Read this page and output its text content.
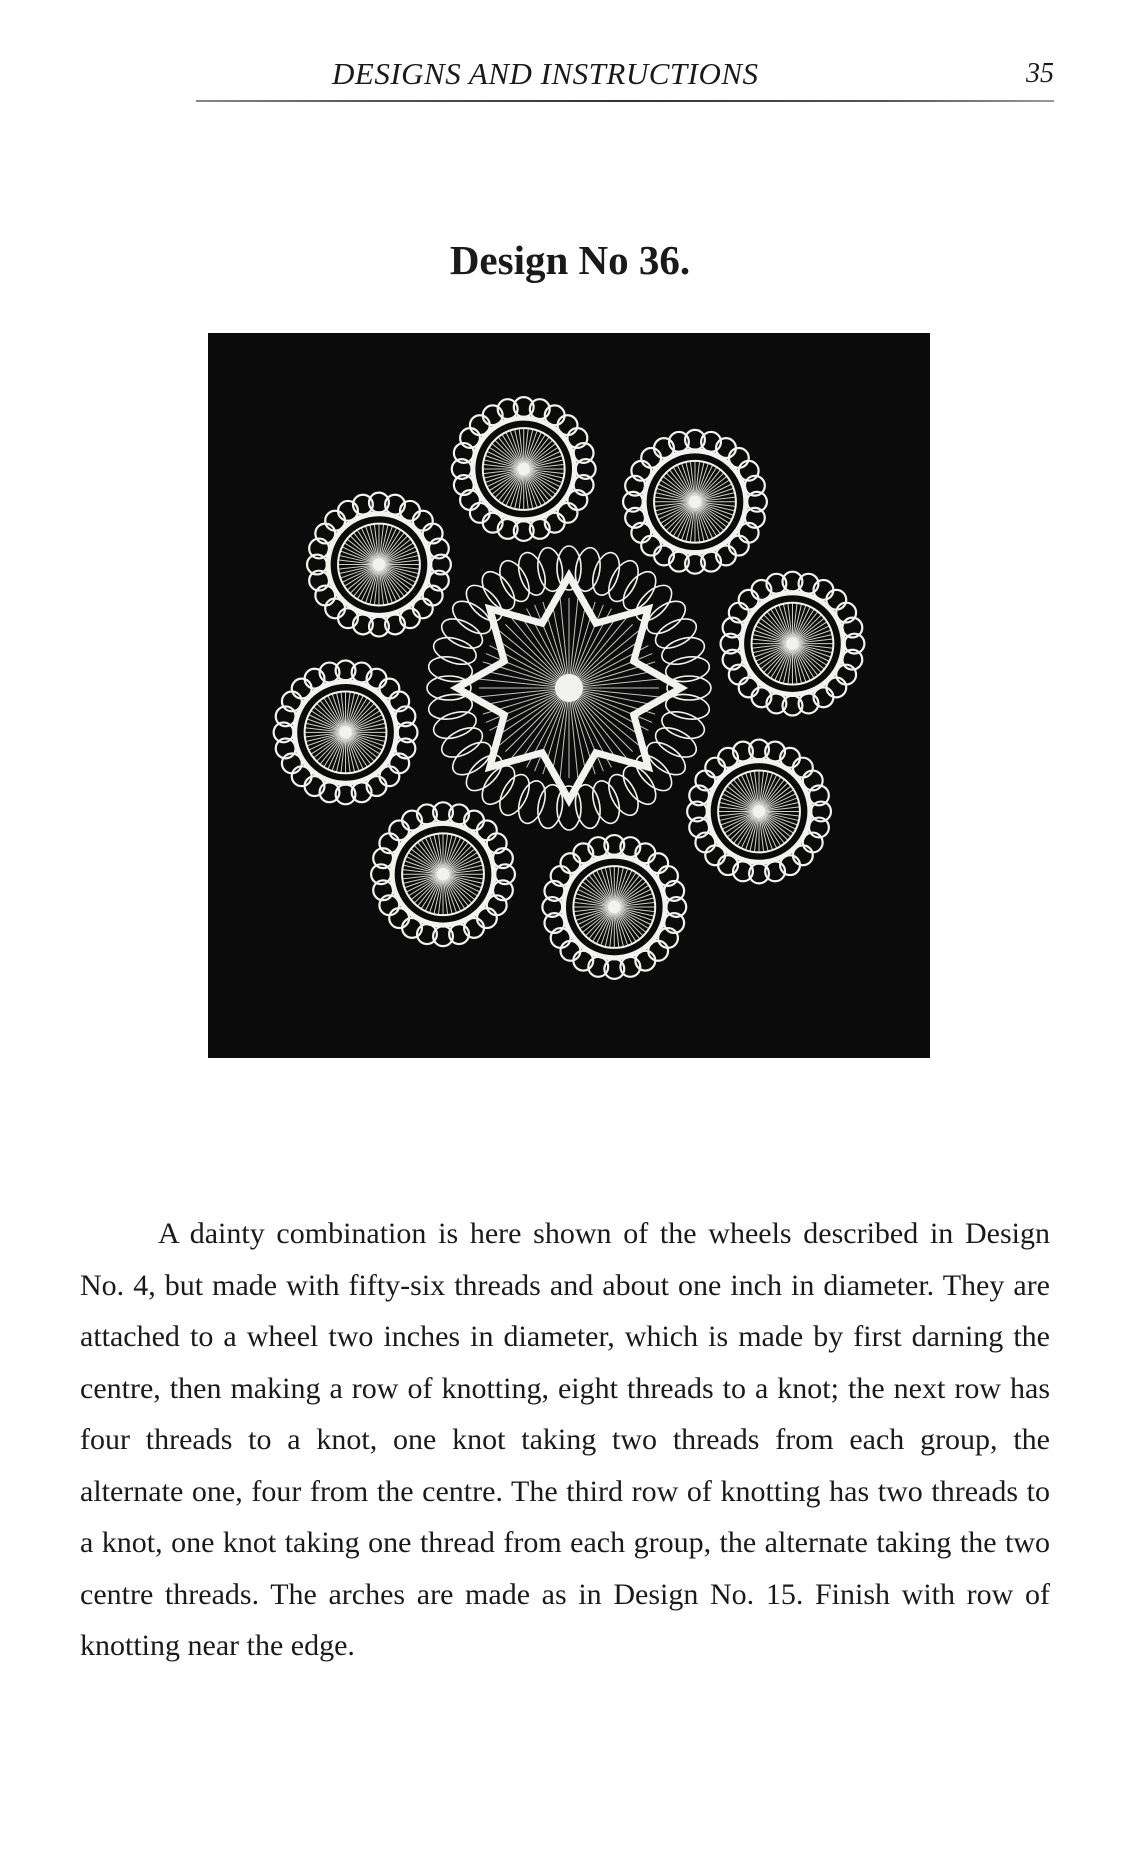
DESIGNS AND INSTRUCTIONS	35
Design No 36.

A dainty combination is here shown of the wheels described in Design No. 4, but made with fifty-six threads and about one inch in diameter. They are attached to a wheel two inches in diameter, which is made by first darning the centre, then making a row of knotting, eight threads to a knot; the next row has four threads to a knot, one knot taking two threads from each group, the alternate one, four from the centre. The third row of knotting has two threads to a knot, one knot taking one thread from each group, the alternate taking the two centre threads. The arches are made as in Design No. 15. Finish with row of knotting near the edge.
